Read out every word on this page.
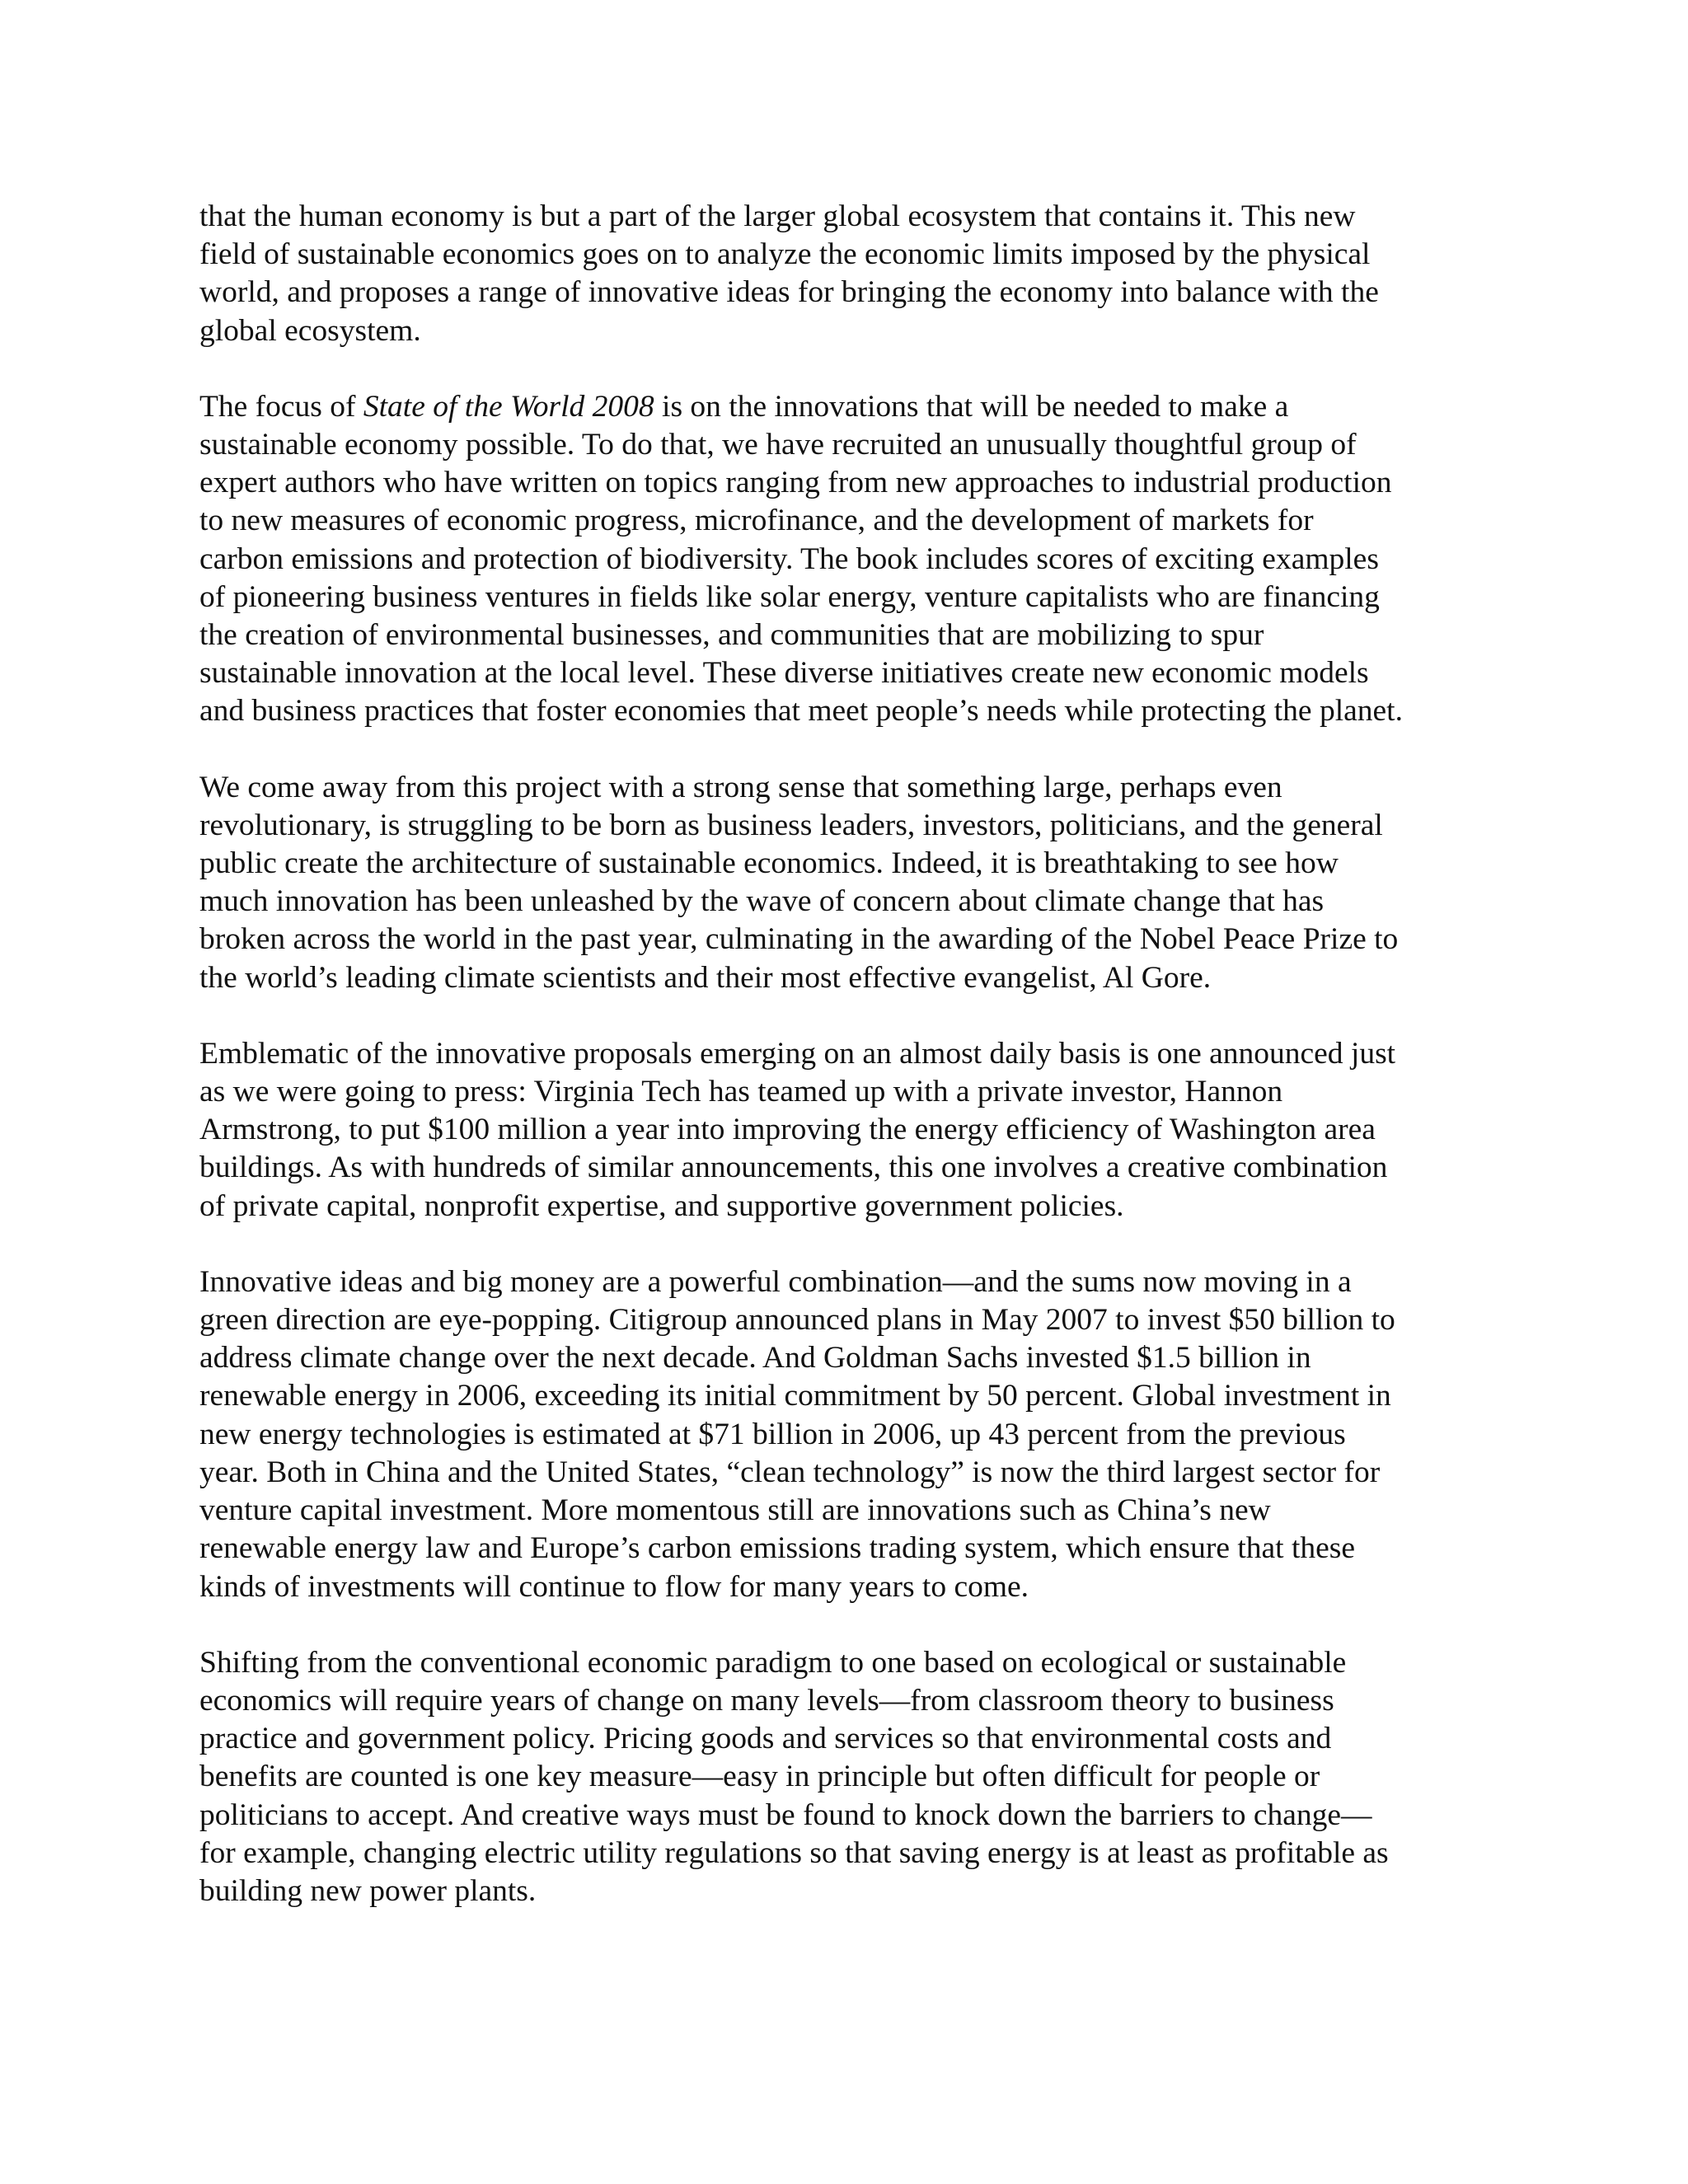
that the human economy is but a part of the larger global ecosystem that contains it. This new
field of sustainable economics goes on to analyze the economic limits imposed by the physical
world, and proposes a range of innovative ideas for bringing the economy into balance with the
global ecosystem.

The focus of State of the World 2008 is on the innovations that will be needed to make a
sustainable economy possible. To do that, we have recruited an unusually thoughtful group of
expert authors who have written on topics ranging from new approaches to industrial production
to new measures of economic progress, microfinance, and the development of markets for
carbon emissions and protection of biodiversity. The book includes scores of exciting examples
of pioneering business ventures in fields like solar energy, venture capitalists who are financing
the creation of environmental businesses, and communities that are mobilizing to spur
sustainable innovation at the local level. These diverse initiatives create new economic models
and business practices that foster economies that meet people’s needs while protecting the planet.

We come away from this project with a strong sense that something large, perhaps even
revolutionary, is struggling to be born as business leaders, investors, politicians, and the general
public create the architecture of sustainable economics. Indeed, it is breathtaking to see how
much innovation has been unleashed by the wave of concern about climate change that has
broken across the world in the past year, culminating in the awarding of the Nobel Peace Prize to
the world’s leading climate scientists and their most effective evangelist, Al Gore.

Emblematic of the innovative proposals emerging on an almost daily basis is one announced just
as we were going to press: Virginia Tech has teamed up with a private investor, Hannon
Armstrong, to put $100 million a year into improving the energy efficiency of Washington area
buildings. As with hundreds of similar announcements, this one involves a creative combination
of private capital, nonprofit expertise, and supportive government policies.

Innovative ideas and big money are a powerful combination—and the sums now moving in a
green direction are eye-popping. Citigroup announced plans in May 2007 to invest $50 billion to
address climate change over the next decade. And Goldman Sachs invested $1.5 billion in
renewable energy in 2006, exceeding its initial commitment by 50 percent. Global investment in
new energy technologies is estimated at $71 billion in 2006, up 43 percent from the previous
year. Both in China and the United States, “clean technology” is now the third largest sector for
venture capital investment. More momentous still are innovations such as China’s new
renewable energy law and Europe’s carbon emissions trading system, which ensure that these
kinds of investments will continue to flow for many years to come.

Shifting from the conventional economic paradigm to one based on ecological or sustainable
economics will require years of change on many levels—from classroom theory to business
practice and government policy. Pricing goods and services so that environmental costs and
benefits are counted is one key measure—easy in principle but often difficult for people or
politicians to accept. And creative ways must be found to knock down the barriers to change—
for example, changing electric utility regulations so that saving energy is at least as profitable as
building new power plants.
